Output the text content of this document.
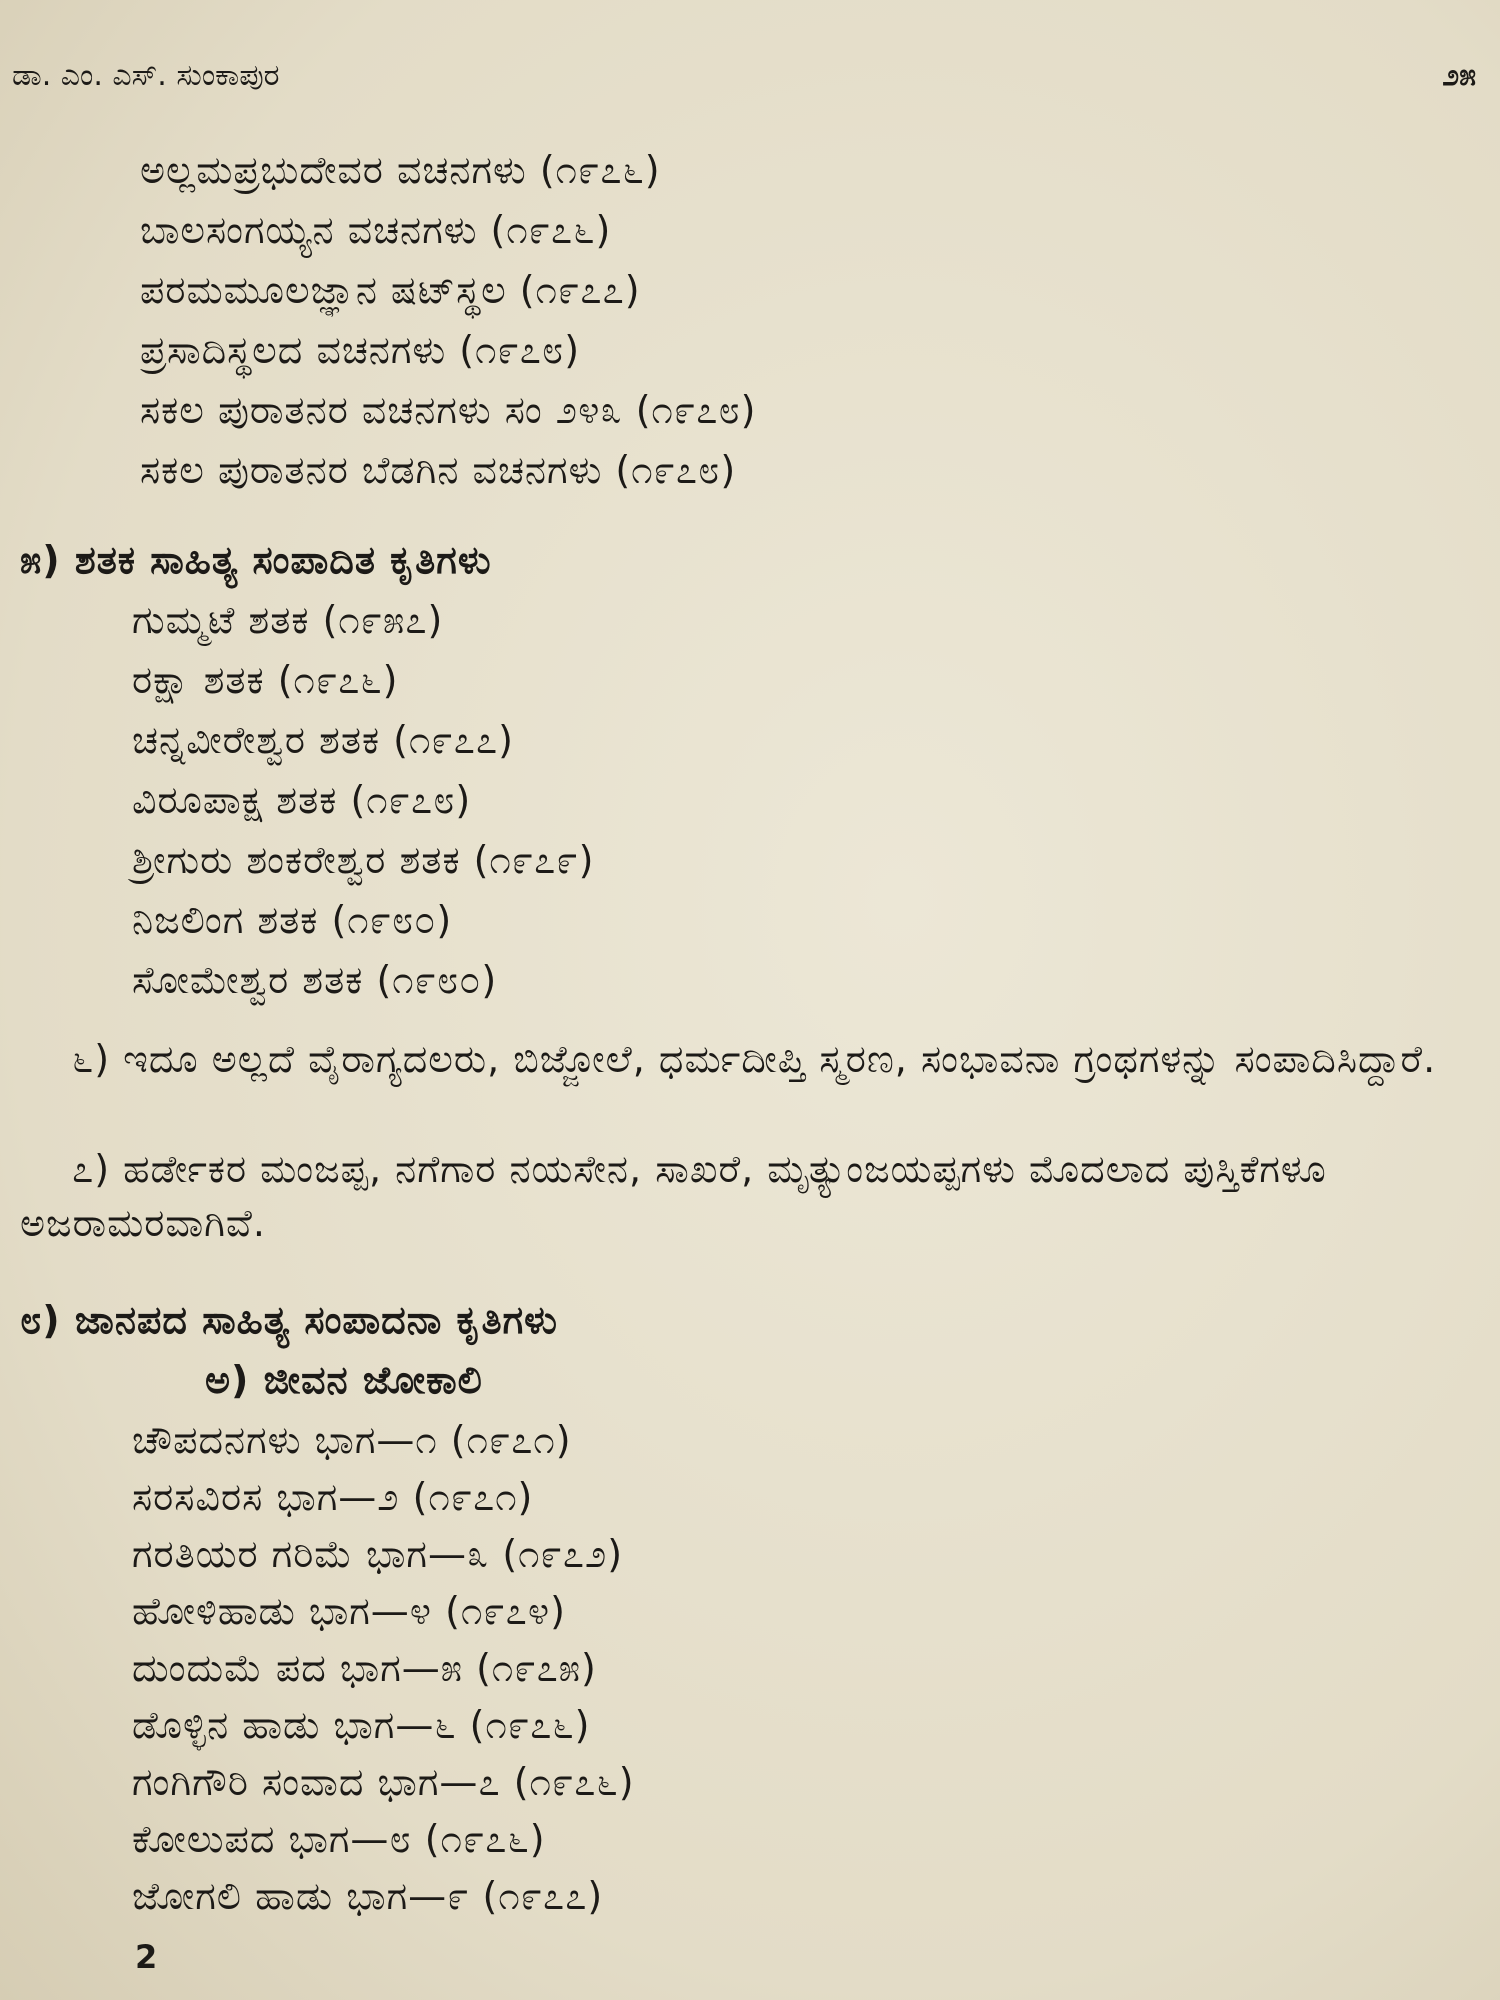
ಡಾ. ಎಂ. ಎಸ್. ಸುಂಕಾಪುರ	೨೫
ಅಲ್ಲಮಪ್ರಭುದೇವರ ವಚನಗಳು (೧೯೭೬)
ಬಾಲಸಂಗಯ್ಯನ ವಚನಗಳು (೧೯೭೬)
ಪರಮಮೂಲಜ್ಞಾನ ಷಟ್‌ಸ್ಥಲ (೧೯೭೭)
ಪ್ರಸಾದಿಸ್ಥಲದ ವಚನಗಳು (೧೯೭೮)
ಸಕಲ ಪುರಾತನರ ವಚನಗಳು ಸಂ ೨೪೩ (೧೯೭೮)
ಸಕಲ ಪುರಾತನರ ಬೆಡಗಿನ ವಚನಗಳು (೧೯೭೮)
೫) ಶತಕ ಸಾಹಿತ್ಯ ಸಂಪಾದಿತ ಕೃತಿಗಳು
ಗುಮ್ಮಟೆ ಶತಕ (೧೯೫೭)
ರಕ್ಷಾ ಶತಕ (೧೯೭೬)
ಚನ್ನವೀರೇಶ್ವರ ಶತಕ (೧೯೭೭)
ವಿರೂಪಾಕ್ಷ ಶತಕ (೧೯೭೮)
ಶ್ರೀಗುರು ಶಂಕರೇಶ್ವರ ಶತಕ (೧೯೭೯)
ನಿಜಲಿಂಗ ಶತಕ (೧೯೮೦)
ಸೋಮೇಶ್ವರ ಶತಕ (೧೯೮೦)
೬) ಇದೂ ಅಲ್ಲದೆ ವೈರಾಗ್ಯದಲರು, ಬಿಜ್ಜೋಲೆ, ಧರ್ಮದೀಪ್ತಿ ಸ್ಮರಣ, ಸಂಭಾವನಾ ಗ್ರಂಥಗಳನ್ನು ಸಂಪಾದಿಸಿದ್ದಾರೆ.
೭) ಹರ್ಡೇಕರ ಮಂಜಪ್ಪ, ನಗೆಗಾರ ನಯಸೇನ, ಸಾಖರೆ, ಮೃತ್ಯುಂಜಯಪ್ಪಗಳು ಮೊದಲಾದ ಪುಸ್ತಿಕೆಗಳೂ ಅಜರಾಮರವಾಗಿವೆ.
೮) ಜಾನಪದ ಸಾಹಿತ್ಯ ಸಂಪಾದನಾ ಕೃತಿಗಳು
ಅ) ಜೀವನ ಜೋಕಾಲಿ
ಚೌಪದನಗಳು ಭಾಗ—೧ (೧೯೭೧)
ಸರಸವಿರಸ ಭಾಗ—೨ (೧೯೭೧)
ಗರತಿಯರ ಗರಿಮೆ ಭಾಗ—೩ (೧೯೭೨)
ಹೋಳಿಹಾಡು ಭಾಗ—೪ (೧೯೭೪)
ದುಂದುಮೆ ಪದ ಭಾಗ—೫ (೧೯೭೫)
ಡೊಳ್ಳಿನ ಹಾಡು ಭಾಗ—೬ (೧೯೭೬)
ಗಂಗಿಗೌರಿ ಸಂವಾದ ಭಾಗ—೭ (೧೯೭೬)
ಕೋಲುಪದ ಭಾಗ—೮ (೧೯೭೬)
ಜೋಗಲಿ ಹಾಡು ಭಾಗ—೯ (೧೯೭೭)
2
